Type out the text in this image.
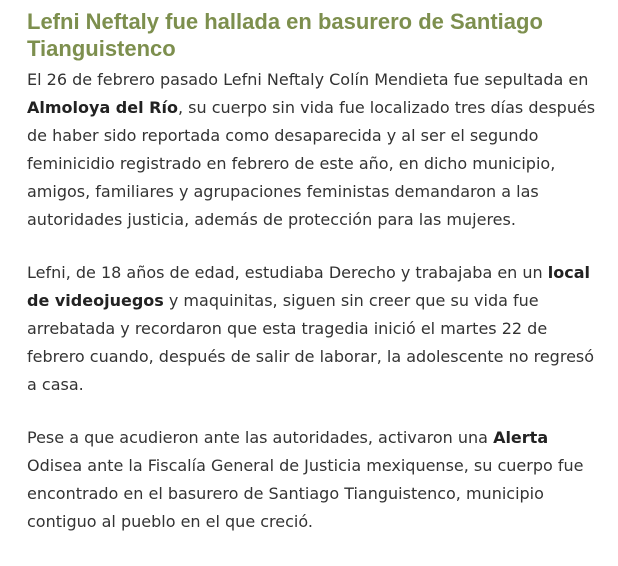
Lefni Neftaly fue hallada en basurero de Santiago Tianguistenco

El 26 de febrero pasado Lefni Neftaly Colín Mendieta fue sepultada en Almoloya del Río, su cuerpo sin vida fue localizado tres días después de haber sido reportada como desaparecida y al ser el segundo feminicidio registrado en febrero de este año, en dicho municipio, amigos, familiares y agrupaciones feministas demandaron a las autoridades justicia, además de protección para las mujeres.

Lefni, de 18 años de edad, estudiaba Derecho y trabajaba en un local de videojuegos y maquinitas, siguen sin creer que su vida fue arrebatada y recordaron que esta tragedia inició el martes 22 de febrero cuando, después de salir de laborar, la adolescente no regresó a casa.

Pese a que acudieron ante las autoridades, activaron una Alerta Odisea ante la Fiscalía General de Justicia mexiquense, su cuerpo fue encontrado en el basurero de Santiago Tianguistenco, municipio contiguo al pueblo en el que creció.
